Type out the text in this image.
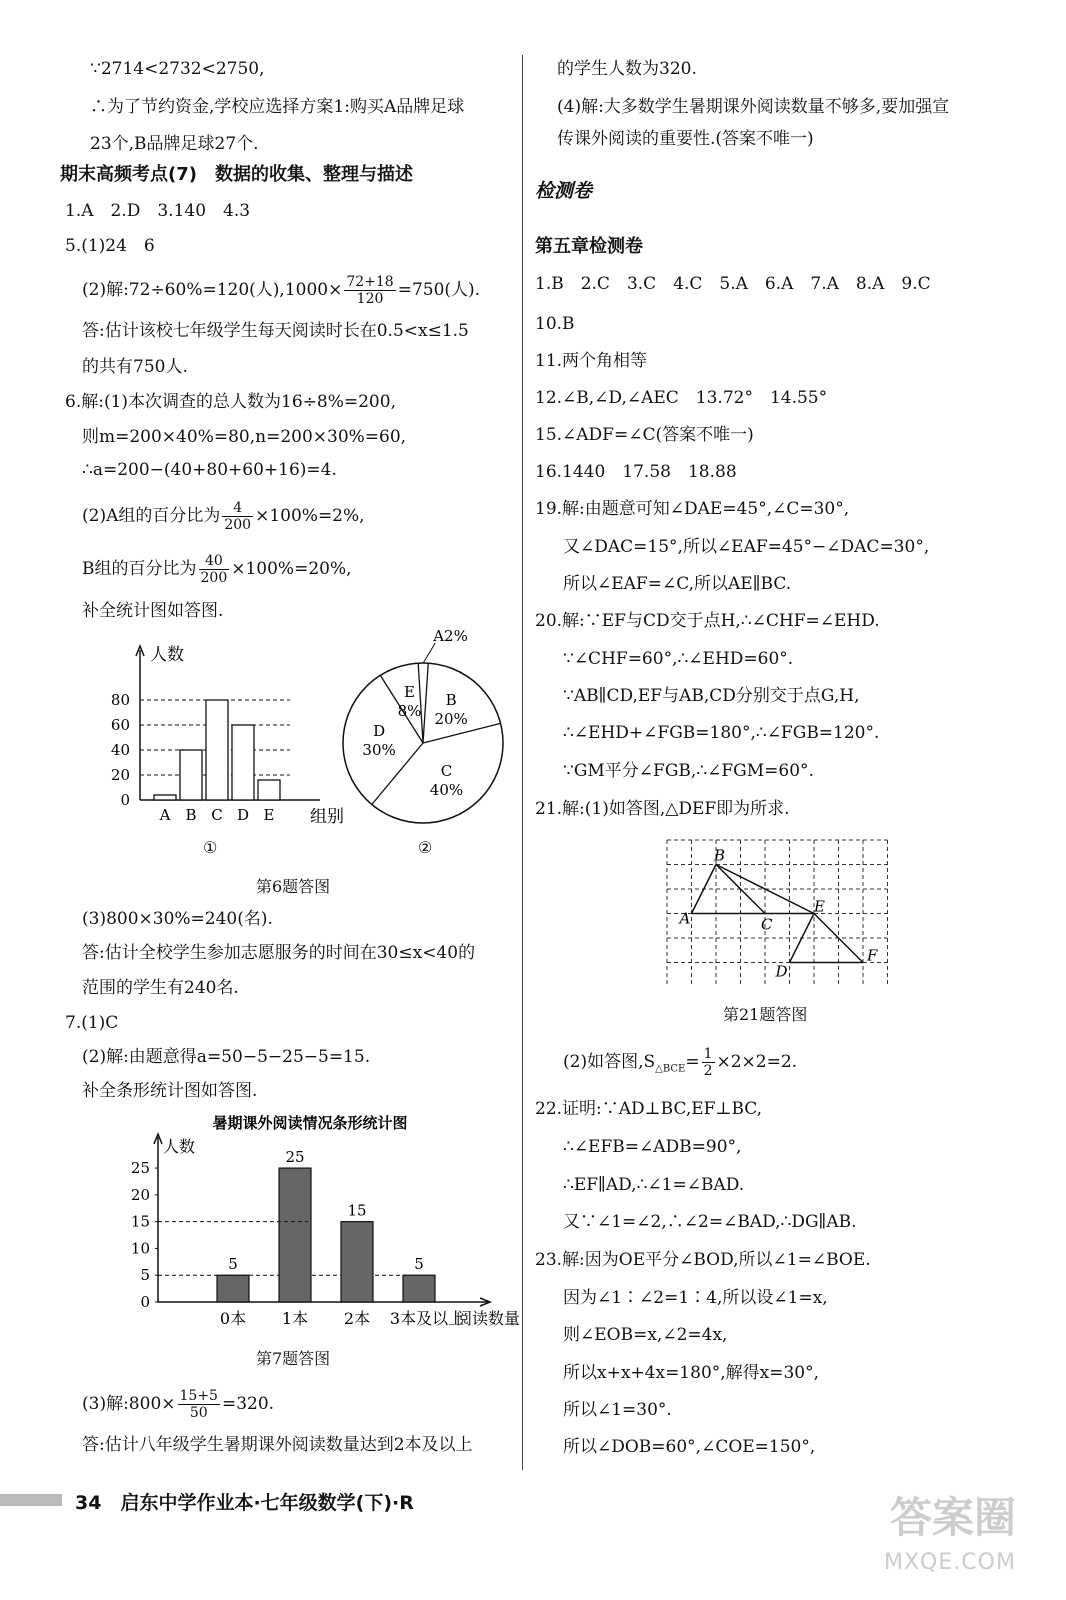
∵2714<2732<2750,
∴为了节约资金,学校应选择方案1:购买A品牌足球
23个,B品牌足球27个.
期末高频考点(7)　数据的收集、整理与描述
1.A　2.D　3.140　4.3
5.(1)24　6
(2)解:72÷60%=120(人)$,1000\times \frac{72+18}{120} =750$(人).
答:估计该校七年级学生每天阅读时长在0.5<x≤1.5
的共有750人.
6.解:(1)本次调查的总人数为16÷8%=200,
则m=200×40%=80,n=200×30%=60,
∴a=200−(40+80+60+16)=4.
(2)A组的百分比为 $\frac{4}{200} \times 100\%=2\%$,
B组的百分比为 $\frac{40}{200} \times 100\%=20\%$,
补全统计图如答图.
人数
0
20
40
60
80
A B C D E 组别
①
A2%
B
20%
C
40%
D
30%
E
8%
②
第6题答图
(3)800×30%=240(名).
答:估计全校学生参加志愿服务的时间在30≤x<40的
范围的学生有240名.
7.(1)C
(2)解:由题意得a=50−5−25−5=15.
补全条形统计图如答图.
暑期课外阅读情况条形统计图
人数
0
5
10
15
20
25
5
0本
25
1本
15
2本
5
3本及以上
阅读数量
第7题答图
(3)解:800× $\frac{15+5}{50} =320$.
答:估计八年级学生暑期课外阅读数量达到2本及以上
的学生人数为320.
(4)解:大多数学生暑期课外阅读数量不够多,要加强宣
传课外阅读的重要性.(答案不唯一)
检测卷
第五章检测卷
1.B　2.C　3.C　4.C　5.A　6.A　7.A　8.A　9.C
10.B
11.两个角相等
12.∠B,∠D,∠AEC　13.72°　14.55°
15.∠ADF=∠C(答案不唯一)
16.1440　17.58　18.88
19.解:由题意可知∠DAE=45°,∠C=30°,
又∠DAC=15°,所以∠EAF=45°−∠DAC=30°,
所以∠EAF=∠C,所以AE∥BC.
20.解:∵EF与CD交于点H,∴∠CHF=∠EHD.
∵∠CHF=60°,∴∠EHD=60°.
∵AB∥CD,EF与AB,CD分别交于点G,H,
∴∠EHD+∠FGB=180°,∴∠FGB=120°.
∵GM平分∠FGB,∴∠FGM=60°.
21.解:(1)如答图,△DEF即为所求.
A
B
C
E
D
F
第21题答图
(2)如答图$,S_{\triangle BCE}= \frac{1}{2} \times 2\times 2=2$.
22.证明:∵AD⊥BC,EF⊥BC,
∴∠EFB=∠ADB=90°,
∴EF∥AD,∴∠1=∠BAD.
又∵∠1=∠2,∴∠2=∠BAD,∴DG∥AB.
23.解:因为OE平分∠BOD,所以∠1=∠BOE.
因为∠1∶∠2=1∶4,所以设∠1=x,
则∠EOB=x,∠2=4x,
所以x+x+4x=180°,解得x=30°,
所以∠1=30°.
所以∠DOB=60°,∠COE=150°,
34　启东中学作业本·七年级数学(下)·R	答案圈
MXQE.COM
